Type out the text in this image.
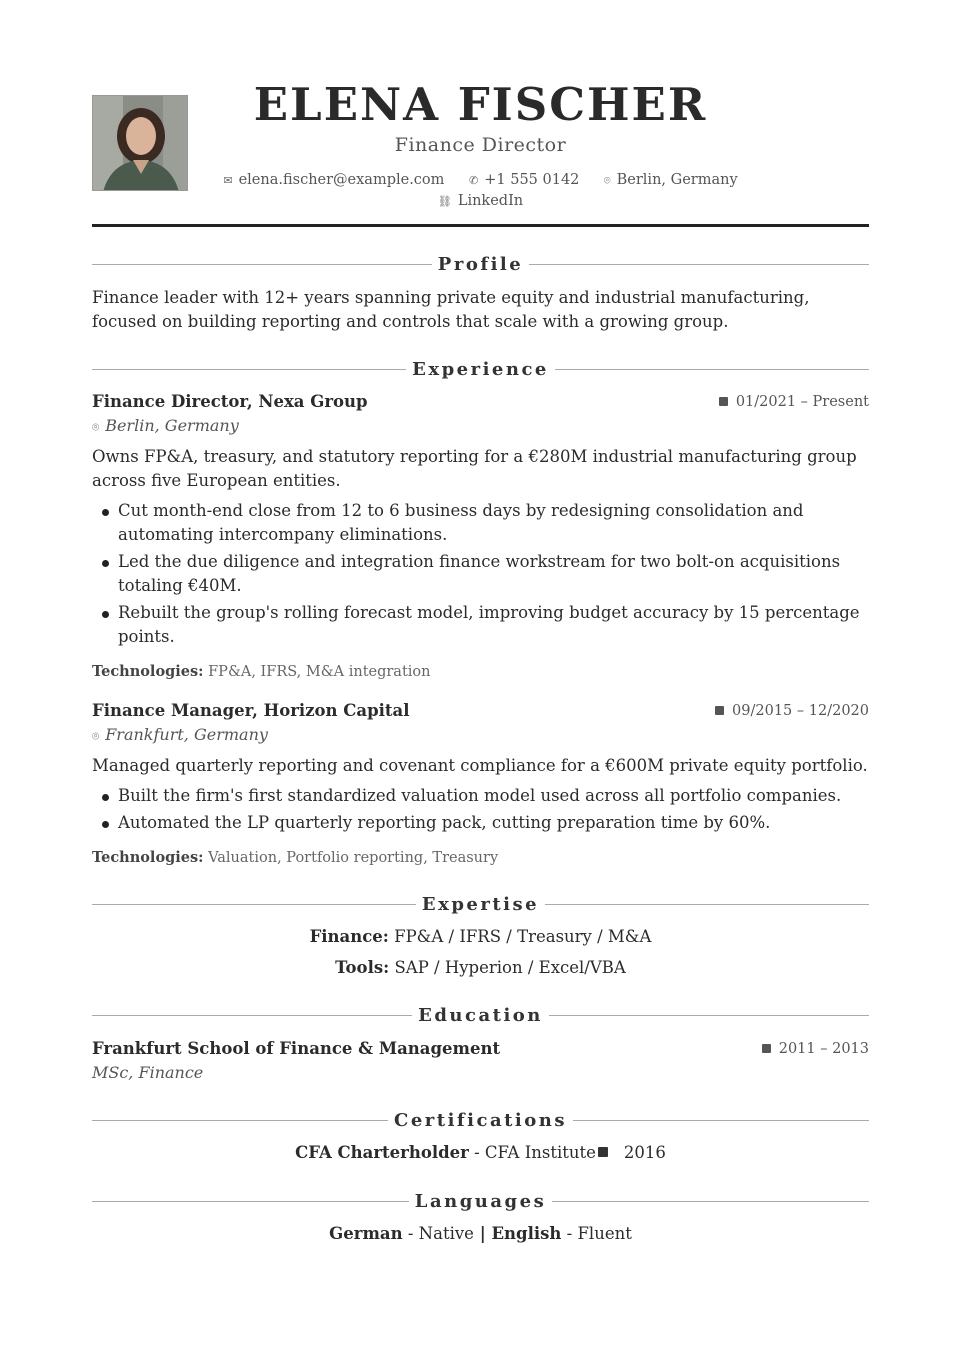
ELENA FISCHER
Finance Director
✉ elena.fischer@example.com ✆ +1 555 0142 ⌾ Berlin, Germany
⛓ LinkedIn
Profile
Finance leader with 12+ years spanning private equity and industrial manufacturing, focused on building reporting and controls that scale with a growing group.
Experience
Finance Director, Nexa Group	01/2021 – Present
⌾ Berlin, Germany
Owns FP&A, treasury, and statutory reporting for a €280M industrial manufacturing group across five European entities.
Cut month-end close from 12 to 6 business days by redesigning consolidation and automating intercompany eliminations.
Led the due diligence and integration finance workstream for two bolt-on acquisitions totaling €40M.
Rebuilt the group's rolling forecast model, improving budget accuracy by 15 percentage points.
Technologies: FP&A, IFRS, M&A integration
Finance Manager, Horizon Capital	09/2015 – 12/2020
⌾ Frankfurt, Germany
Managed quarterly reporting and covenant compliance for a €600M private equity portfolio.
Built the firm's first standardized valuation model used across all portfolio companies.
Automated the LP quarterly reporting pack, cutting preparation time by 60%.
Technologies: Valuation, Portfolio reporting, Treasury
Expertise
Finance: FP&A / IFRS / Treasury / M&A
Tools: SAP / Hyperion / Excel/VBA
Education
Frankfurt School of Finance & Management	2011 – 2013
MSc, Finance
Certifications
CFA Charterholder - CFA Institute 2016
Languages
German - Native | English - Fluent
